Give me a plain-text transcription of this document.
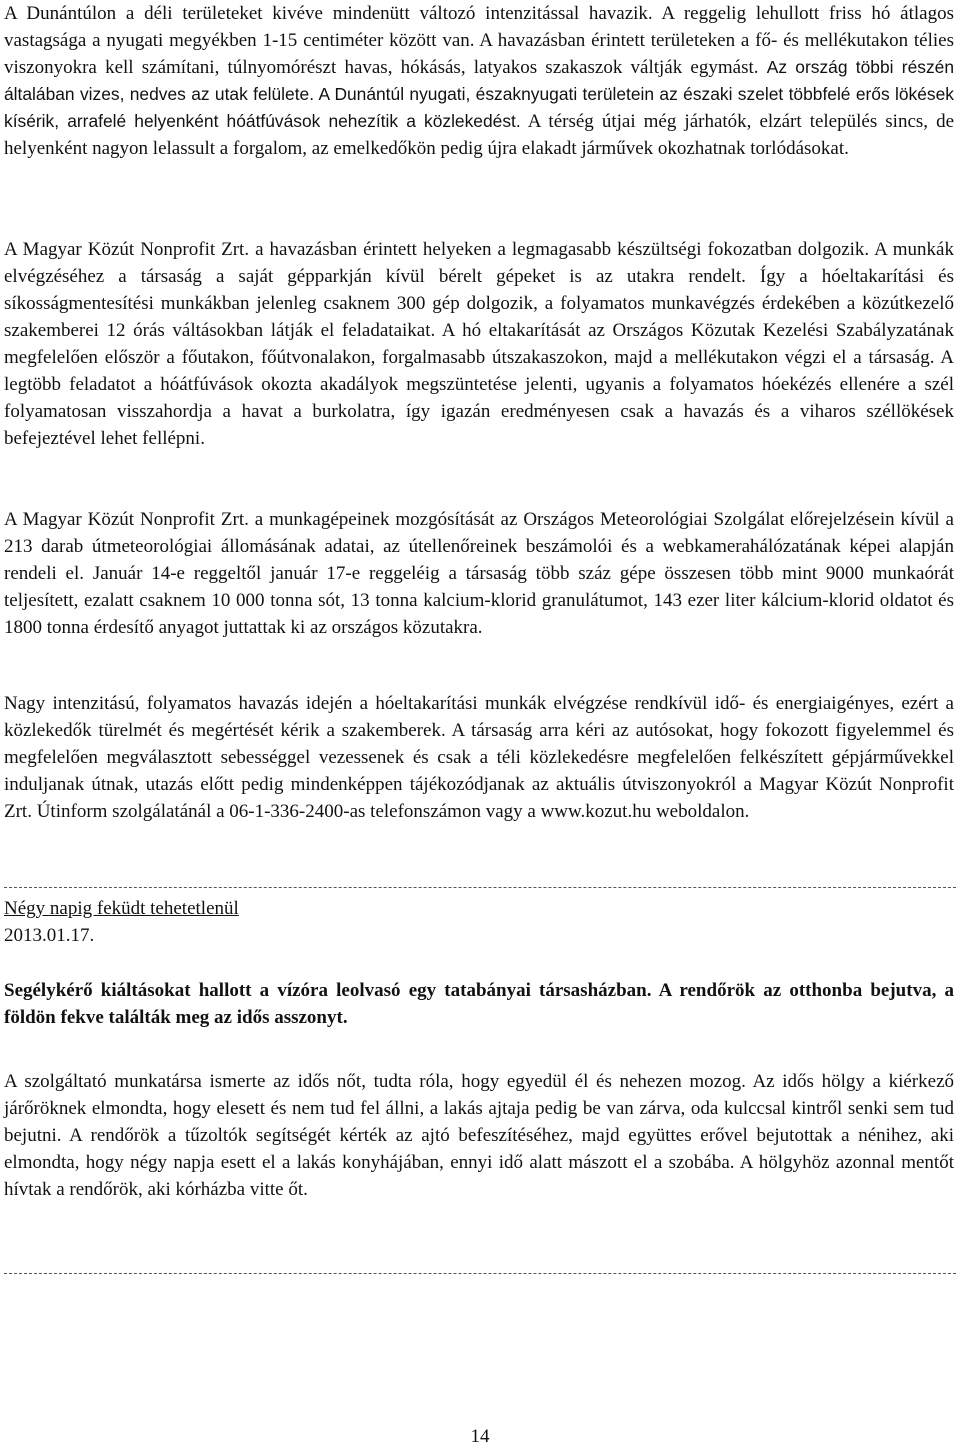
A Dunántúlon a déli területeket kivéve mindenütt változó intenzitással havazik. A reggelig lehullott friss hó átlagos vastagsága a nyugati megyékben 1-15 centiméter között van. A havazásban érintett területeken a fő- és mellékutakon télies viszonyokra kell számítani, túlnyomórészt havas, hókásás, latyakos szakaszok váltják egymást. Az ország többi részén általában vizes, nedves az utak felülete. A Dunántúl nyugati, északnyugati területein az északi szelet többfelé erős lökések kísérik, arrafelé helyenként hóátfúvások nehezítik a közlekedést. A térség útjai még járhatók, elzárt település sincs, de helyenként nagyon lelassult a forgalom, az emelkedőkön pedig újra elakadt járművek okozhatnak torlódásokat.

A Magyar Közút Nonprofit Zrt. a havazásban érintett helyeken a legmagasabb készültségi fokozatban dolgozik. A munkák elvégzéséhez a társaság a saját gépparkján kívül bérelt gépeket is az utakra rendelt. Így a hóeltakarítási és síkosságmentesítési munkákban jelenleg csaknem 300 gép dolgozik, a folyamatos munkavégzés érdekében a közútkezelő szakemberei 12 órás váltásokban látják el feladataikat. A hó eltakarítását az Országos Közutak Kezelési Szabályzatának megfelelően először a főutakon, főútvonalakon, forgalmasabb útszakaszokon, majd a mellékutakon végzi el a társaság. A legtöbb feladatot a hóátfúvások okozta akadályok megszüntetése jelenti, ugyanis a folyamatos hóekézés ellenére a szél folyamatosan visszahordja a havat a burkolatra, így igazán eredményesen csak a havazás és a viharos széllökések befejeztével lehet fellépni.

A Magyar Közút Nonprofit Zrt. a munkagépeinek mozgósítását az Országos Meteorológiai Szolgálat előrejelzésein kívül a 213 darab útmeteorológiai állomásának adatai, az útellenőreinek beszámolói és a webkamerahálózatának képei alapján rendeli el. Január 14-e reggeltől január 17-e reggeléig a társaság több száz gépe összesen több mint 9000 munkaórát teljesített, ezalatt csaknem 10 000 tonna sót, 13 tonna kalcium-klorid granulátumot, 143 ezer liter kálcium-klorid oldatot és 1800 tonna érdesítő anyagot juttattak ki az országos közutakra.

Nagy intenzitású, folyamatos havazás idején a hóeltakarítási munkák elvégzése rendkívül idő- és energiaigényes, ezért a közlekedők türelmét és megértését kérik a szakemberek. A társaság arra kéri az autósokat, hogy fokozott figyelemmel és megfelelően megválasztott sebességgel vezessenek és csak a téli közlekedésre megfelelően felkészített gépjárművekkel induljanak útnak, utazás előtt pedig mindenképpen tájékozódjanak az aktuális útviszonyokról a Magyar Közút Nonprofit Zrt. Útinform szolgálatánál a 06-1-336-2400-as telefonszámon vagy a www.kozut.hu weboldalon.

Négy napig feküdt tehetetlenül
2013.01.17.

Segélykérő kiáltásokat hallott a vízóra leolvasó egy tatabányai társasházban. A rendőrök az otthonba bejutva, a földön fekve találták meg az idős asszonyt.

A szolgáltató munkatársa ismerte az idős nőt, tudta róla, hogy egyedül él és nehezen mozog. Az idős hölgy a kiérkező járőröknek elmondta, hogy elesett és nem tud fel állni, a lakás ajtaja pedig be van zárva, oda kulccsal kintről senki sem tud bejutni. A rendőrök a tűzoltók segítségét kérték az ajtó befeszítéséhez, majd együttes erővel bejutottak a nénihez, aki elmondta, hogy négy napja esett el a lakás konyhájában, ennyi idő alatt mászott el a szobába. A hölgyhöz azonnal mentőt hívtak a rendőrök, aki kórházba vitte őt.

14
